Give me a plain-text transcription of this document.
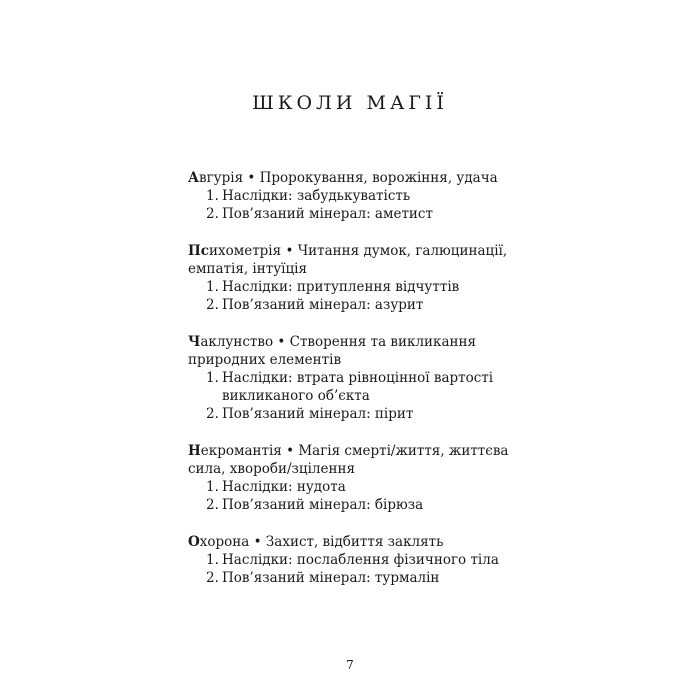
ШКОЛИ МАГІЇ
Авгурія • Пророкування, ворожіння, удача
1. Наслідки: забудькуватість
2. Пов’язаний мінерал: аметист
Психометрія • Читання думок, галюцинації, емпатія, інтуїція
1. Наслідки: притуплення відчуттів
2. Пов’язаний мінерал: азурит
Чаклунство • Створення та викликання природних елементів
1. Наслідки: втрата рівноцінної вартості викликаного об’єкта
2. Пов’язаний мінерал: пірит
Некромантія • Магія смерті/життя, життєва сила, хвороби/зцілення
1. Наслідки: нудота
2. Пов’язаний мінерал: бірюза
Охорона • Захист, відбиття заклять
1. Наслідки: послаблення фізичного тіла
2. Пов’язаний мінерал: турмалін
7
